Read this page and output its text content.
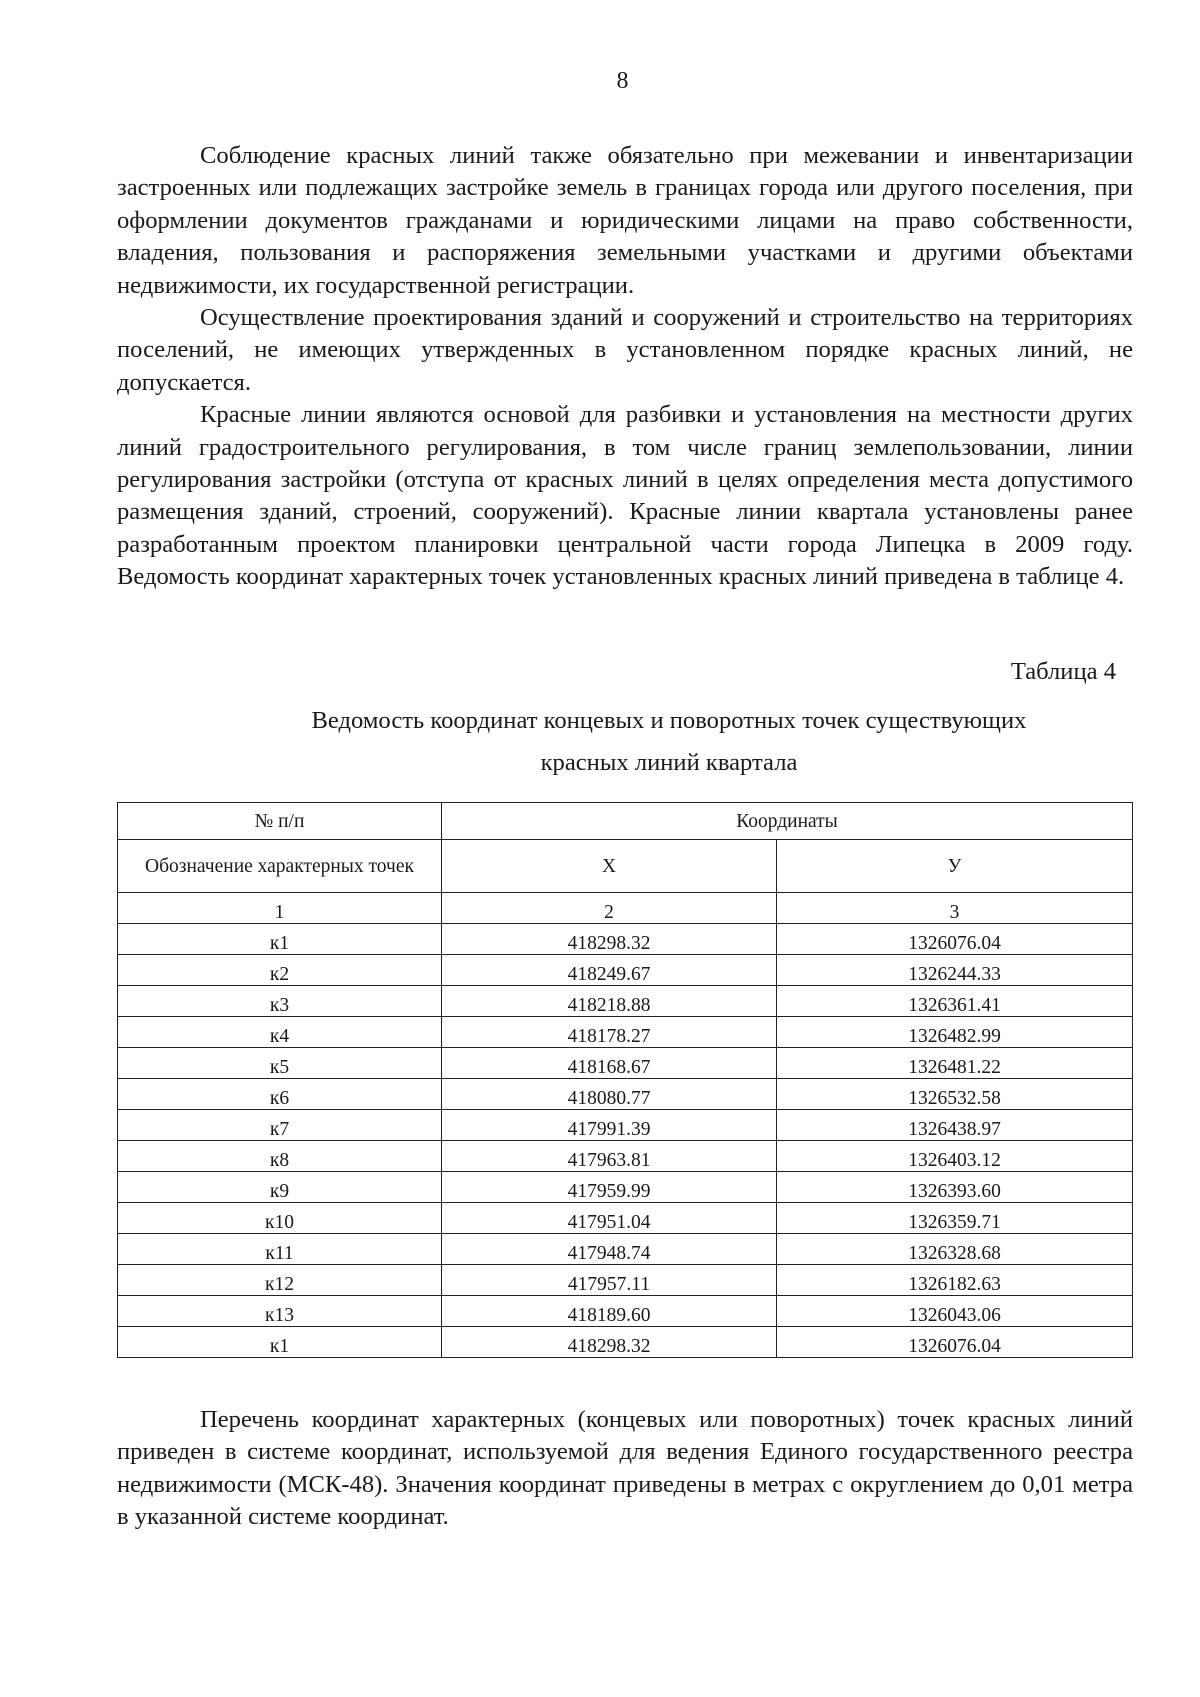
8

Соблюдение красных линий также обязательно при межевании и инвентаризации застроенных или подлежащих застройке земель в границах города или другого поселения, при оформлении документов гражданами и юридическими лицами на право собственности, владения, пользования и распоряжения земельными участками и другими объектами недвижимости, их государственной регистрации.

Осуществление проектирования зданий и сооружений и строительство на территориях поселений, не имеющих утвержденных в установленном порядке красных линий, не допускается.

Красные линии являются основой для разбивки и установления на местности других линий градостроительного регулирования, в том числе границ землепользовании, линии регулирования застройки (отступа от красных линий в целях определения места допустимого размещения зданий, строений, сооружений). Красные линии квартала установлены ранее разработанным проектом планировки центральной части города Липецка в 2009 году. Ведомость координат характерных точек установленных красных линий приведена в таблице 4.

Таблица 4
Ведомость координат концевых и поворотных точек существующих
красных линий квартала
№ п/п	Координаты	
Обозначение характерных точек	X	У
1	2	3
к1	418298.32	1326076.04
к2	418249.67	1326244.33
к3	418218.88	1326361.41
к4	418178.27	1326482.99
к5	418168.67	1326481.22
к6	418080.77	1326532.58
к7	417991.39	1326438.97
к8	417963.81	1326403.12
к9	417959.99	1326393.60
к10	417951.04	1326359.71
к11	417948.74	1326328.68
к12	417957.11	1326182.63
к13	418189.60	1326043.06
к1	418298.32	1326076.04

Перечень координат характерных (концевых или поворотных) точек красных линий приведен в системе координат, используемой для ведения Единого государственного реестра недвижимости (МСК-48). Значения координат приведены в метрах с округлением до 0,01 метра в указанной системе координат.
